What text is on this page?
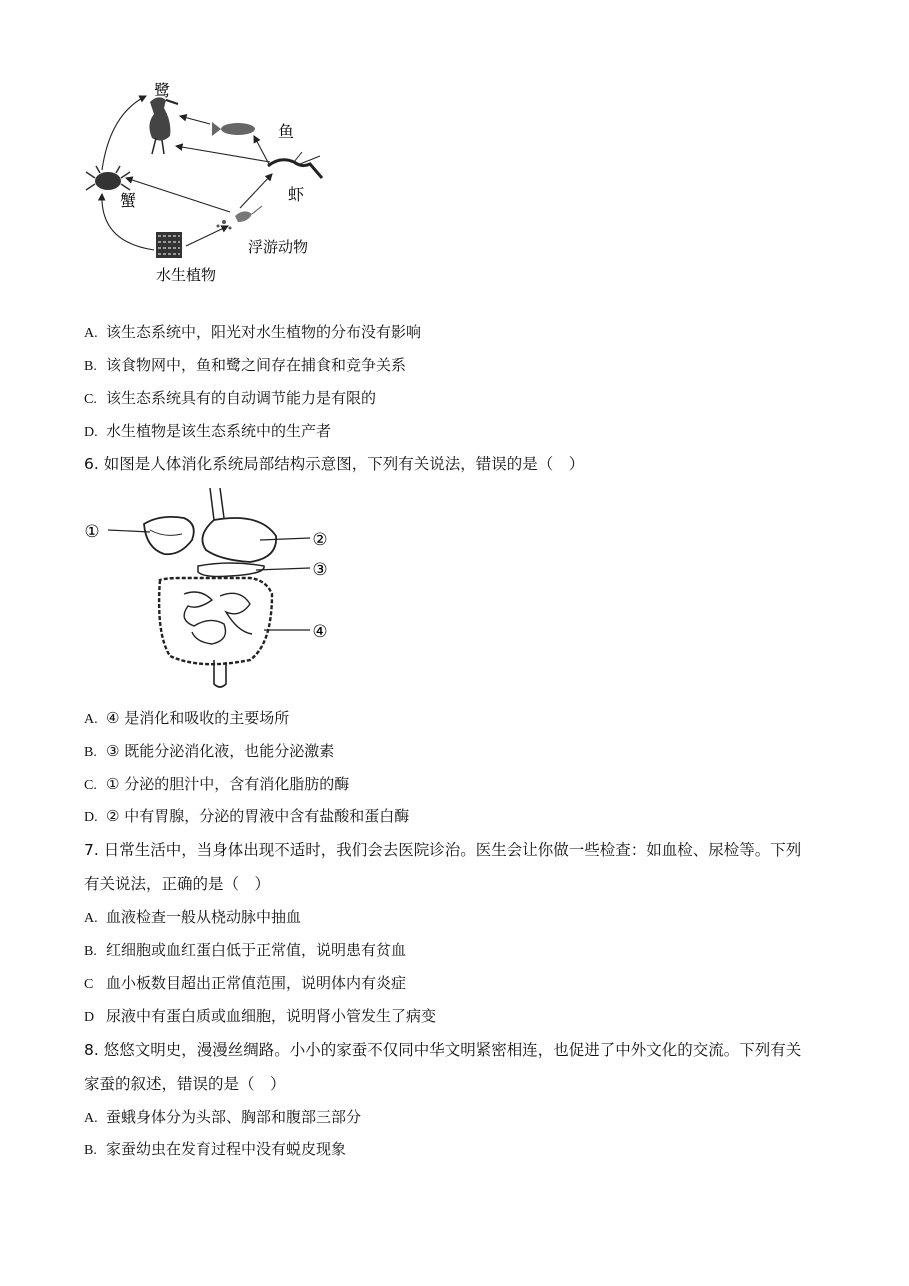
鹭
鱼
蟹	虾
浮游动物
水生植物
A. 该生态系统中，阳光对水生植物的分布没有影响
B. 该食物网中，鱼和鹭之间存在捕食和竞争关系
C. 该生态系统具有的自动调节能力是有限的
D. 水生植物是该生态系统中的生产者
6. 如图是人体消化系统局部结构示意图，下列有关说法，错误的是（　）
①	②
③
④
A. ④ 是消化和吸收的主要场所
B. ③ 既能分泌消化液，也能分泌激素
C. ① 分泌的胆汁中，含有消化脂肪的酶
D. ② 中有胃腺，分泌的胃液中含有盐酸和蛋白酶
7. 日常生活中，当身体出现不适时，我们会去医院诊治。医生会让你做一些检查：如血检、尿检等。下列
有关说法，正确的是（　）
A. 血液检查一般从桡动脉中抽血
B. 红细胞或血红蛋白低于正常值，说明患有贫血
C 血小板数目超出正常值范围，说明体内有炎症
D 尿液中有蛋白质或血细胞，说明肾小管发生了病变
8. 悠悠文明史，漫漫丝绸路。小小的家蚕不仅同中华文明紧密相连，也促进了中外文化的交流。下列有关
家蚕的叙述，错误的是（　）
A. 蚕蛾身体分为头部、胸部和腹部三部分
B. 家蚕幼虫在发育过程中没有蜕皮现象
